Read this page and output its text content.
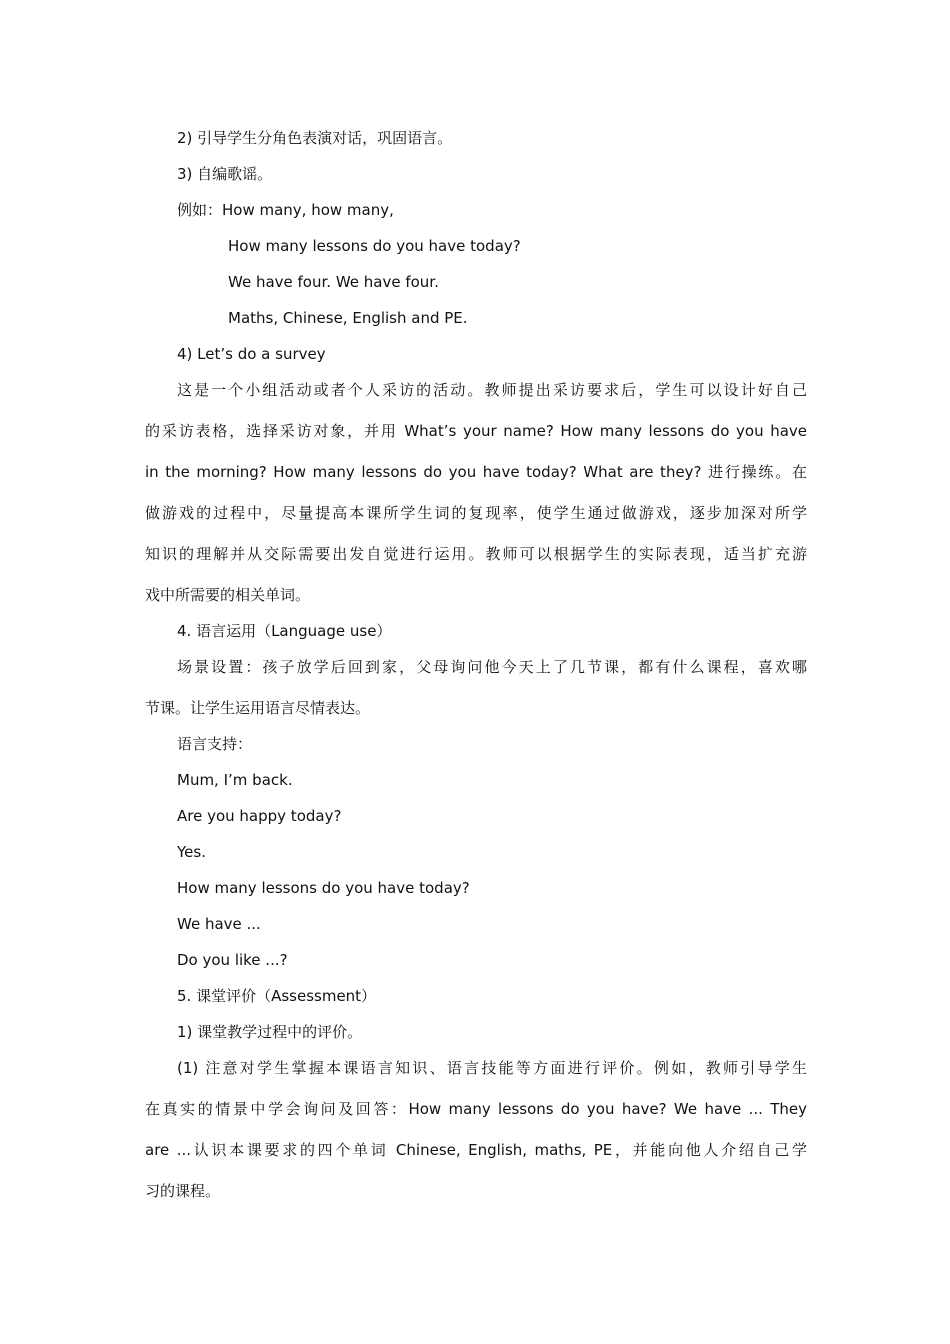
2) 引导学生分角色表演对话，巩固语言。
3) 自编歌谣。
例如：How many, how many,
How many lessons do you have today?
We have four. We have four.
Maths, Chinese, English and PE.
4) Let’s do a survey
这是一个小组活动或者个人采访的活动。教师提出采访要求后，学生可以设计好自己
的采访表格，选择采访对象，并用 What’s your name? How many lessons do you have
in the morning? How many lessons do you have today? What are they? 进行操练。在
做游戏的过程中，尽量提高本课所学生词的复现率，使学生通过做游戏，逐步加深对所学
知识的理解并从交际需要出发自觉进行运用。教师可以根据学生的实际表现，适当扩充游
戏中所需要的相关单词。
4. 语言运用（Language use）
场景设置：孩子放学后回到家，父母询问他今天上了几节课，都有什么课程，喜欢哪
节课。让学生运用语言尽情表达。
语言支持：
Mum, I’m back.
Are you happy today?
Yes.
How many lessons do you have today?
We have ...
Do you like ...?
5. 课堂评价（Assessment）
1) 课堂教学过程中的评价。
(1) 注意对学生掌握本课语言知识、语言技能等方面进行评价。例如，教师引导学生
在真实的情景中学会询问及回答：How many lessons do you have? We have ... They
are ...认识本课要求的四个单词 Chinese, English, maths, PE，并能向他人介绍自己学
习的课程。
